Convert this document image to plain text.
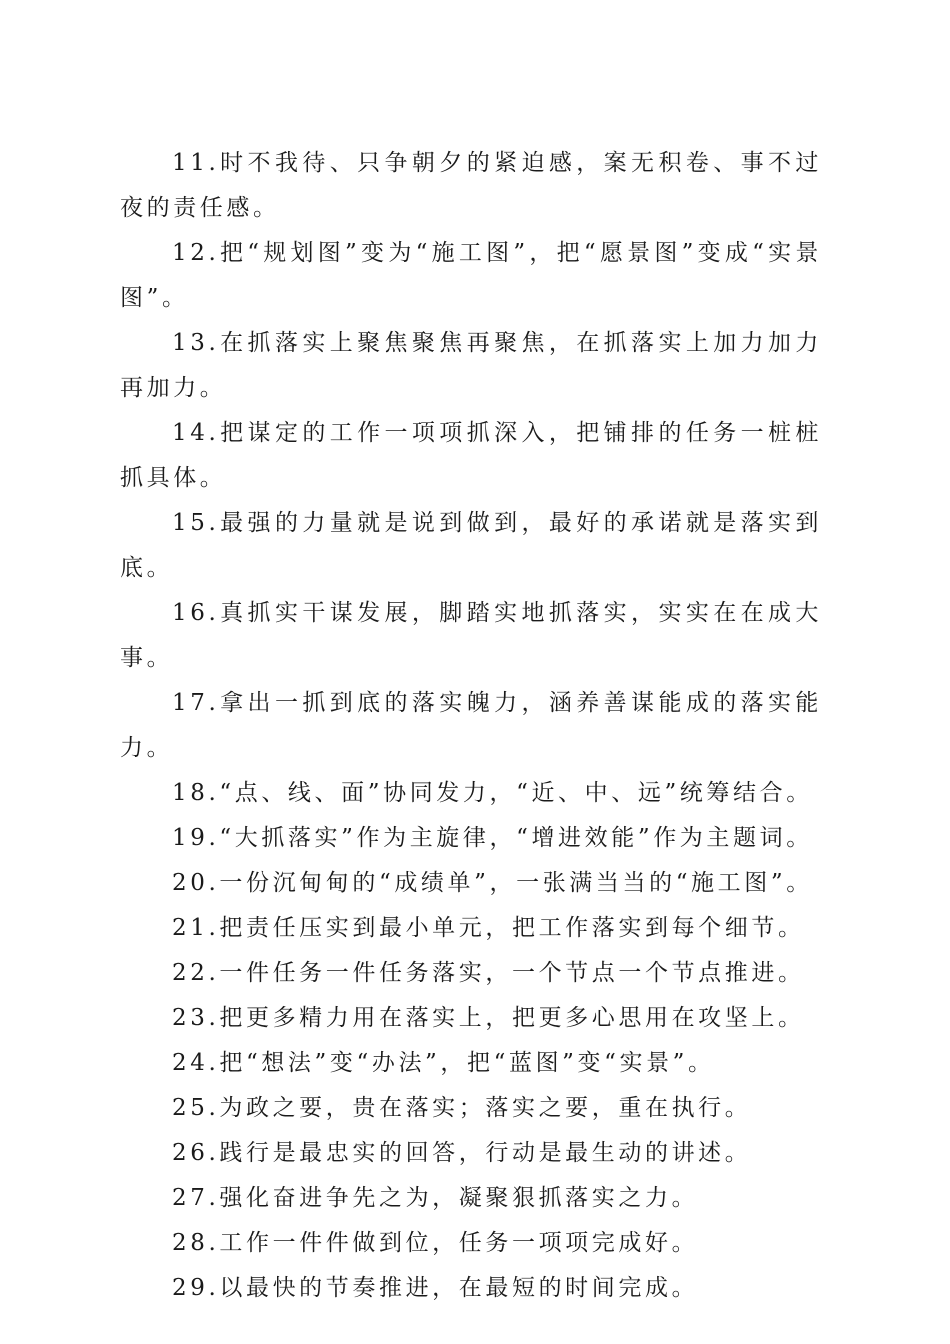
11.时不我待、只争朝夕的紧迫感，案无积卷、事不过夜的责任感。

12.把“规划图”变为“施工图”，把“愿景图”变成“实景图”。

13.在抓落实上聚焦聚焦再聚焦，在抓落实上加力加力再加力。

14.把谋定的工作一项项抓深入，把铺排的任务一桩桩抓具体。

15.最强的力量就是说到做到，最好的承诺就是落实到底。

16.真抓实干谋发展，脚踏实地抓落实，实实在在成大事。

17.拿出一抓到底的落实魄力，涵养善谋能成的落实能力。

18.“点、线、面”协同发力，“近、中、远”统筹结合。

19.“大抓落实”作为主旋律，“增进效能”作为主题词。

20.一份沉甸甸的“成绩单”，一张满当当的“施工图”。

21.把责任压实到最小单元，把工作落实到每个细节。

22.一件任务一件任务落实，一个节点一个节点推进。

23.把更多精力用在落实上，把更多心思用在攻坚上。

24.把“想法”变“办法”，把“蓝图”变“实景”。

25.为政之要，贵在落实；落实之要，重在执行。

26.践行是最忠实的回答，行动是最生动的讲述。

27.强化奋进争先之为，凝聚狠抓落实之力。

28.工作一件件做到位，任务一项项完成好。

29.以最快的节奏推进，在最短的时间完成。
